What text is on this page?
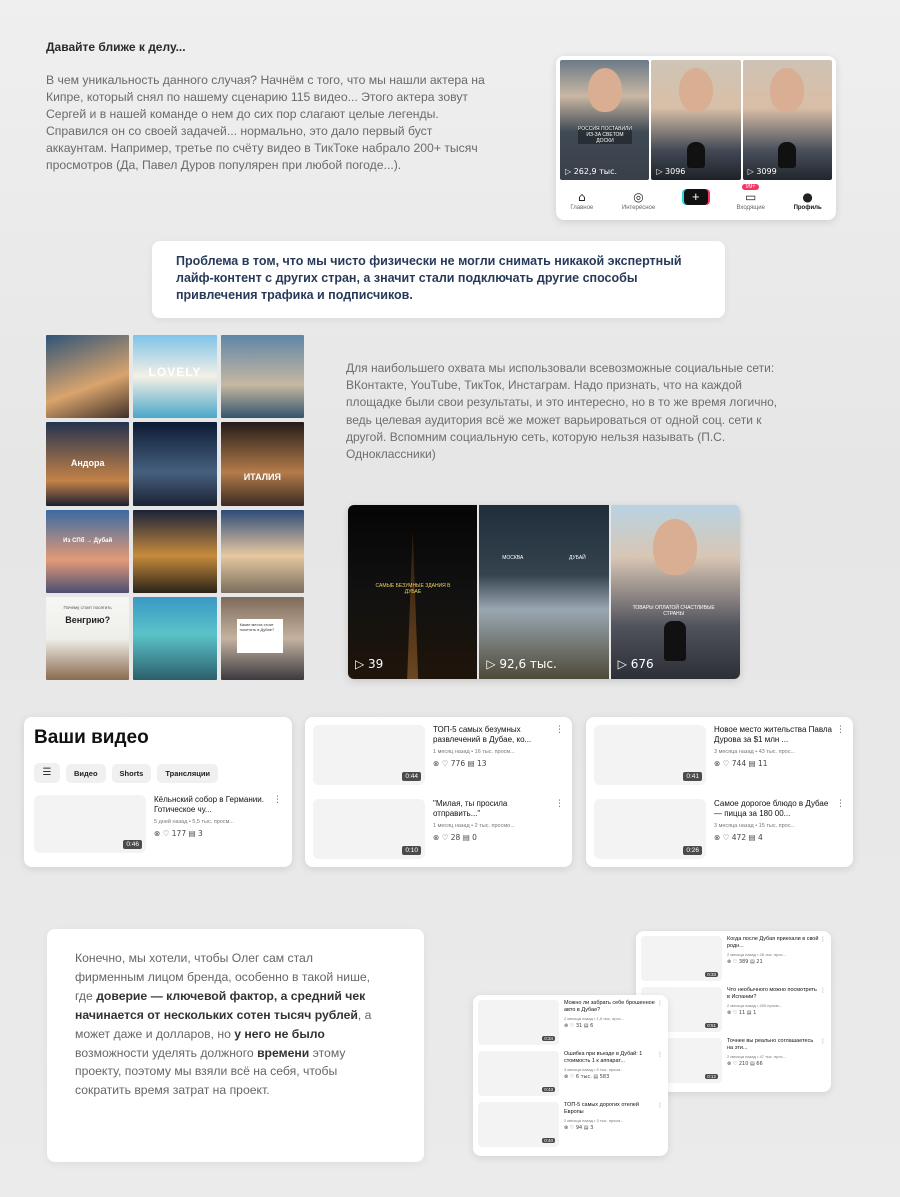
Давайте ближе к делу...
В чем уникальность данного случая? Начнём с того, что мы нашли актера на Кипре, который снял по нашему сценарию 115 видео... Этого актера зовут Сергей и в нашей команде о нем до сих пор слагают целые легенды. Справился он со своей задачей... нормально, это дало первый буст аккаунтам. Например, третье по счёту видео в ТикТоке набрало 200+ тысяч просмотров (Да, Павел Дуров популярен при любой погоде...).
РОССИЯ ПОСТАВИЛИ ИЗ-ЗА СВЕТОМ ДОСКИ
▷ 262,9 тыс.	▷ 3096	▷ 3099
⌂
Главное
◎
Интересное
+
99+
▭
Входящие
●
Профиль
Проблема в том, что мы чисто физически не могли снимать никакой экспертный лайф-контент с других стран, а значит стали подключать другие способы привлечения трафика и подписчиков.
LOVELY
Андора
ИТАЛИЯ
Из СПб → Дубай
Почему стоит посетить
Венгрию?	Какие места стоит посетить в Дубае?
Для наибольшего охвата мы использовали всевозможные социальные сети: ВКонтакте, YouTube, ТикТок, Инстаграм. Надо признать, что на каждой площадке были свои результаты, и это интересно, но в то же время логично, ведь целевая аудитория всё же может варьироваться от одной соц. сети к другой. Вспомним социальную сеть, которую нельзя называть (П.С. Одноклассники)
САМЫЕ БЕЗУМНЫЕ ЗДАНИЯ В ДУБАЕ
▷ 39
МОСКВА	ДУБАЙ
▷ 92,6 тыс.
ТОВАРЫ ОПЛАТОЙ СЧАСТЛИВЫЕ СТРАНЫ
▷ 676
Ваши видео
☰	Видео	Shorts	Трансляции
0:46
Кёльнский собор в Германии. Готическое чу...
5 дней назад • 5,5 тыс. просм...
⊗ ♡ 177 ▤ 3
⋮
0:44
ТОП-5 самых безумных развлечений в Дубае, ко...
1 месяц назад • 16 тыс. просм...
⊗ ♡ 776 ▤ 13
⋮
0:10
"Милая, ты просила отправить..."
1 месяц назад • 2 тыс. просмо...
⊗ ♡ 28 ▤ 0
⋮
0:41
Новое место жительства Павла Дурова за $1 млн ...
3 месяца назад • 43 тыс. прос...
⊗ ♡ 744 ▤ 11
⋮
0:26
Самое дорогое блюдо в Дубае — пицца за 180 00...
3 месяца назад • 15 тыс. прос...
⊗ ♡ 472 ▤ 4
⋮
Конечно, мы хотели, чтобы Олег сам стал фирменным лицом бренда, особенно в такой нише, где доверие — ключевой фактор, а средний чек начинается от нескольких сотен тысяч рублей, а может даже и долларов, но у него не было возможности уделять должного времени этому проекту, поэтому мы взяли всё на себя, чтобы сократить время затрат на проект.
0:33
Когда после Дубая приехали в свой родн...
2 месяца назад • 28 тыс. прос...
⊗ ♡ 389 ▤ 21
⋮
0:51
Что необычного можно посмотреть в Испании?
2 месяца назад • 400 просм...
⊗ ♡ 11 ▤ 1
⋮
0:12
Точнее вы реально соглашаетесь на эти...
2 месяца назад • 47 тыс. прос...
⊗ ♡ 210 ▤ 66
⋮
0:34
Можно ли забрать себе брошенное авто в Дубае?
2 месяца назад • 1,5 тыс. прос...
⊗ ♡ 31 ▤ 6
⋮
0:43
Ошибка при въезде в Дубай: 1 стоимость 1 к аппарат...
3 месяца назад • 5 тыс. просм...
⊗ ♡ 6 тыс. ▤ 583
⋮
0:40
ТОП-5 самых дорогих отелей Европы
2 месяца назад • 3 тыс. просм...
⊗ ♡ 94 ▤ 3
⋮
